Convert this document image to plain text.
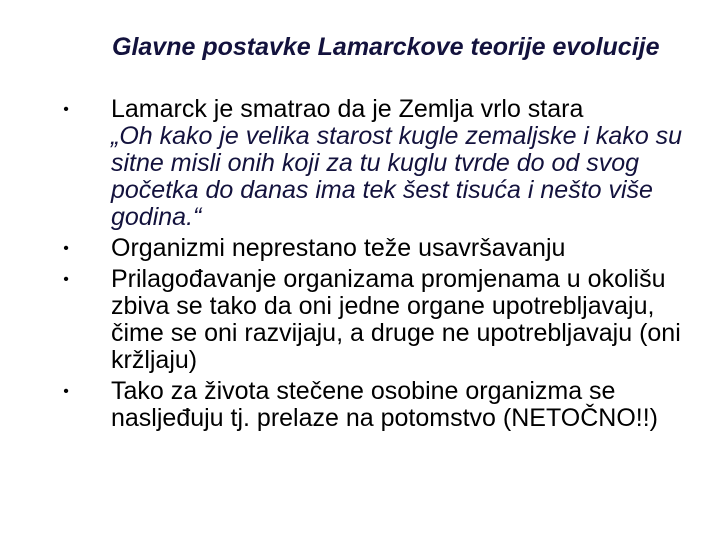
Glavne postavke Lamarckove teorije evolucije
• Lamarck je smatrao da je Zemlja vrlo stara
„Oh kako je velika starost kugle zemaljske i kako su sitne misli onih koji za tu kuglu tvrde do od svog početka do danas ima tek šest tisuća i nešto više godina.“
• Organizmi neprestano teže usavršavanju
• Prilagođavanje organizama promjenama u okolišu zbiva se tako da oni jedne organe upotrebljavaju, čime se oni razvijaju, a druge ne upotrebljavaju (oni kržljaju)
• Tako za života stečene osobine organizma se nasljeđuju tj. prelaze na potomstvo (NETOČNO!!)
